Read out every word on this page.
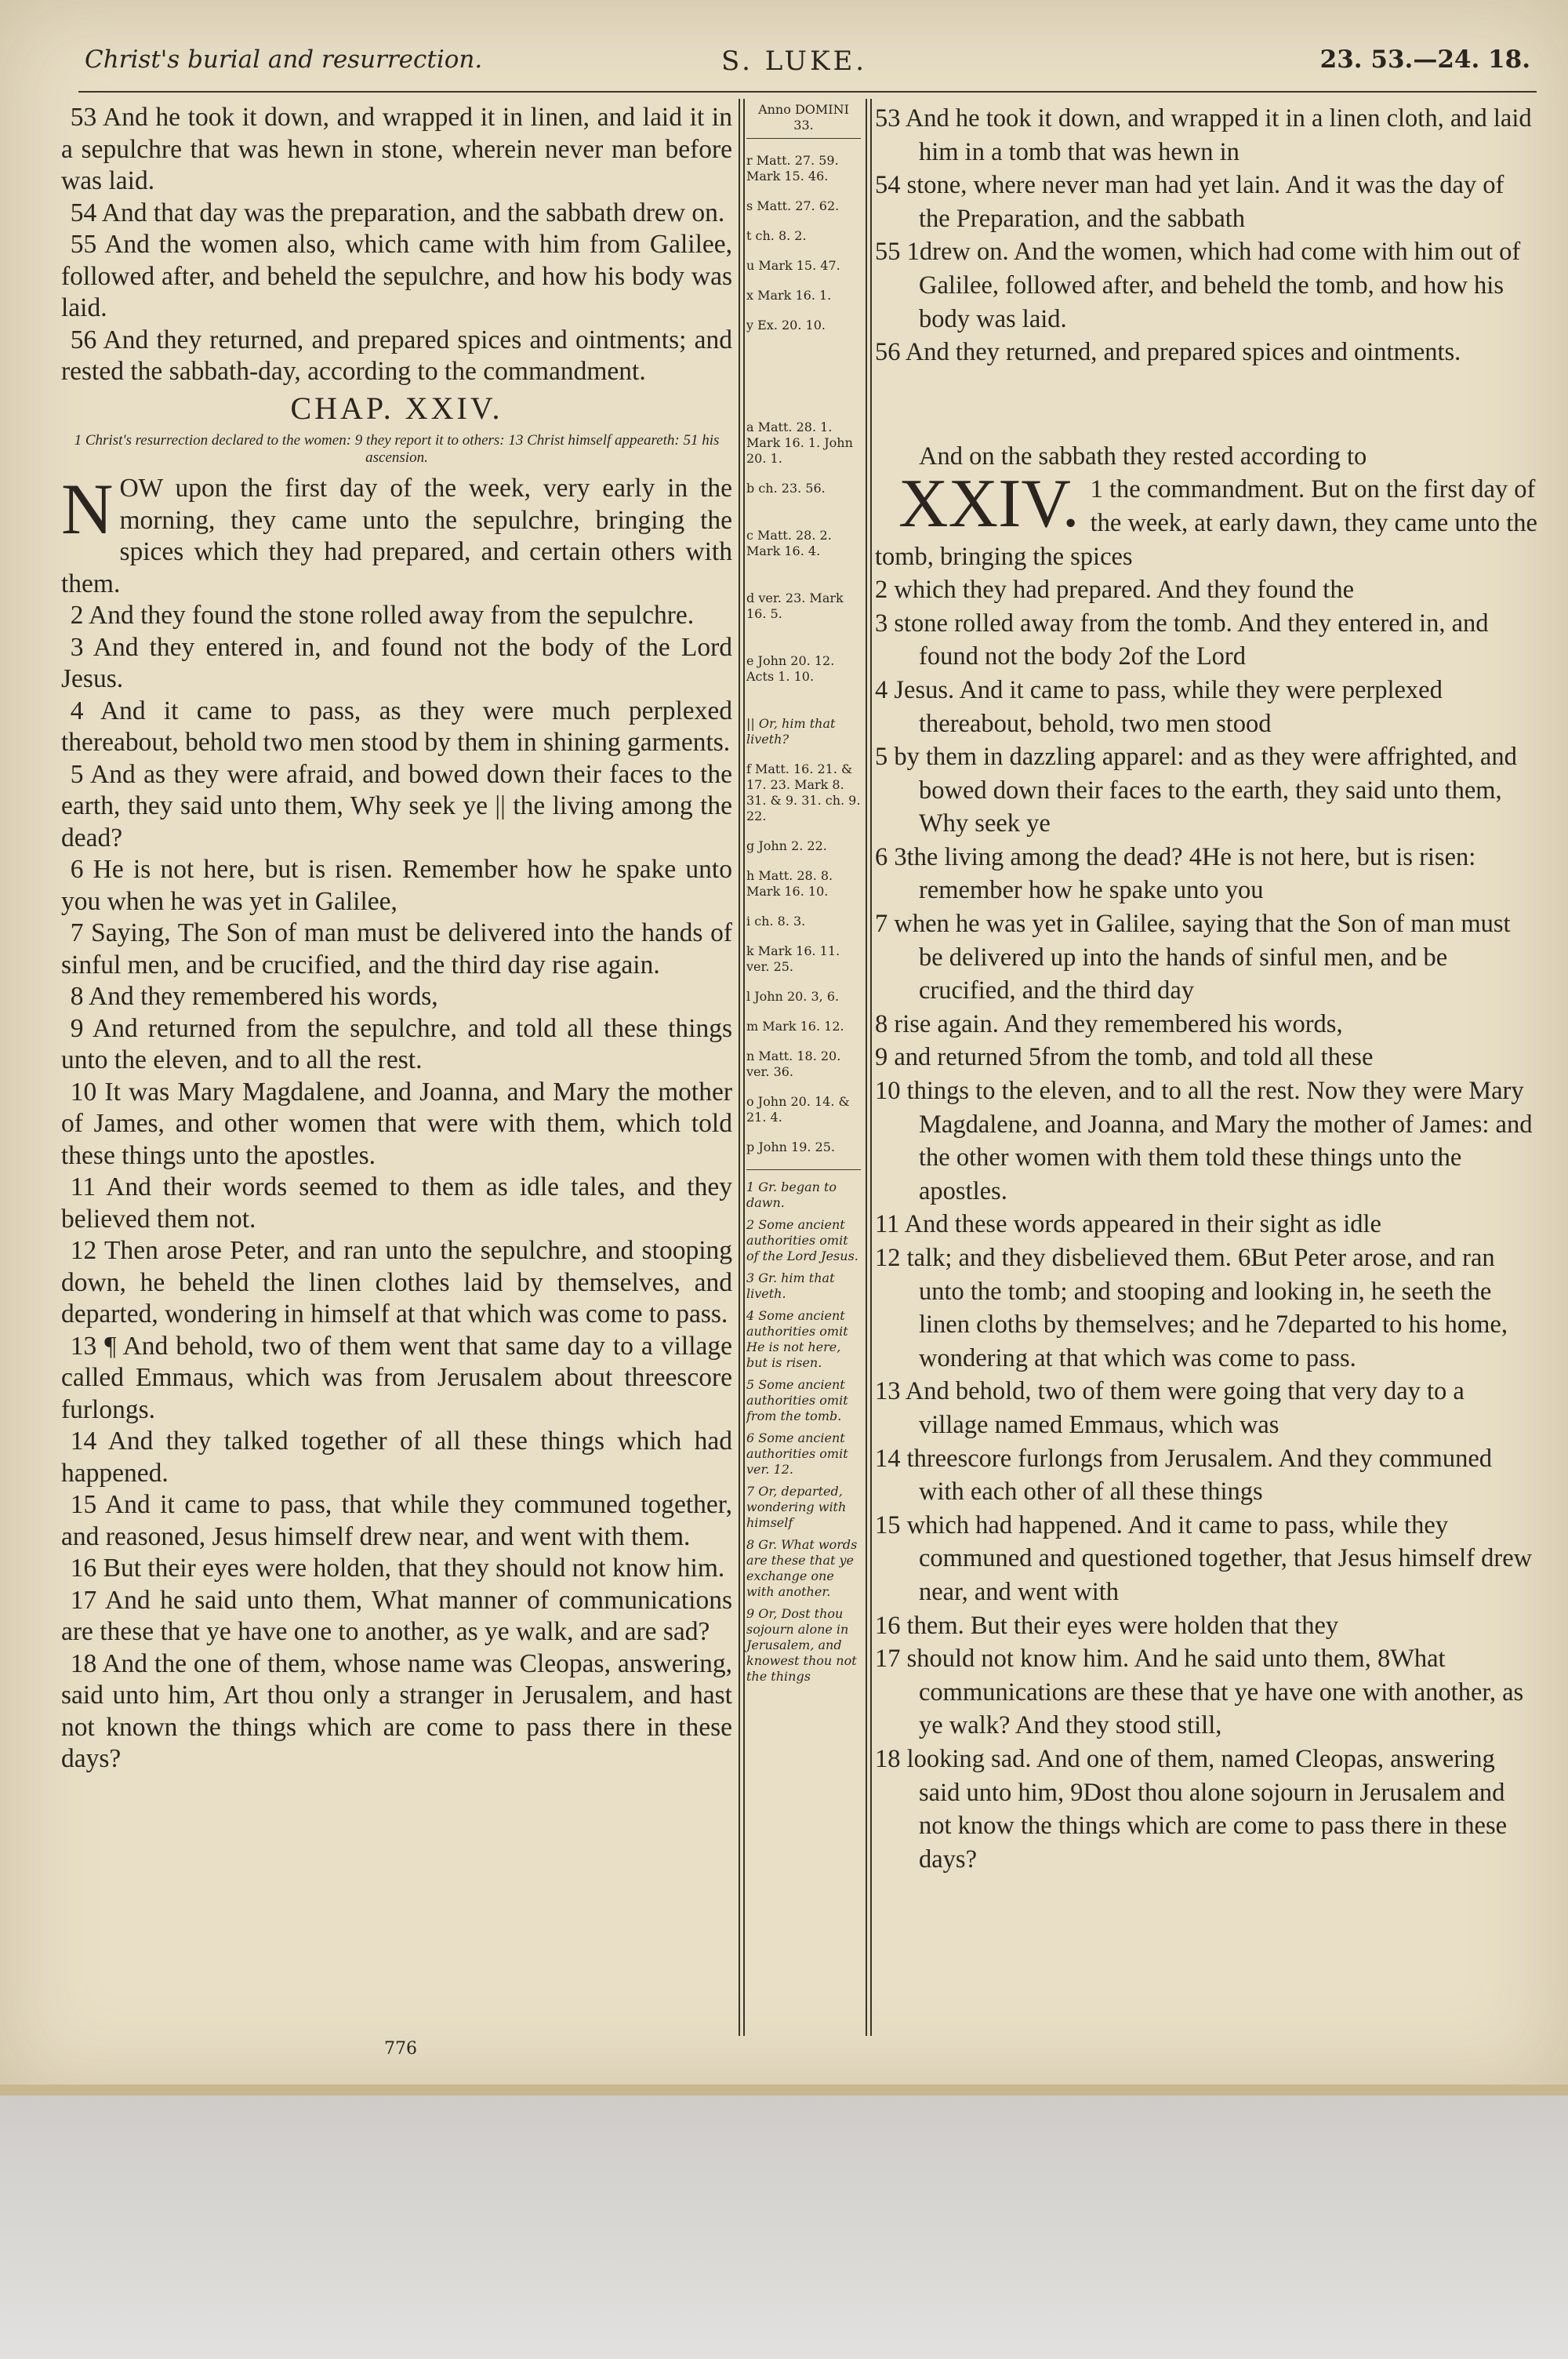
Christ's burial and resurrection.	S. LUKE.	23. 53.—24. 18.

53 And he took it down, and wrapped it in linen, and laid it in a sepulchre that was hewn in stone, wherein never man before was laid.

54 And that day was the preparation, and the sabbath drew on.

55 And the women also, which came with him from Galilee, followed after, and beheld the sepulchre, and how his body was laid.

56 And they returned, and prepared spices and ointments; and rested the sabbath-day, according to the commandment.

CHAP. XXIV.
1 Christ's resurrection declared to the women: 9 they report it to others: 13 Christ himself appeareth: 51 his ascension.

NOW upon the first day of the week, very early in the morning, they came unto the sepulchre, bringing the spices which they had prepared, and certain others with them.

2 And they found the stone rolled away from the sepulchre.

3 And they entered in, and found not the body of the Lord Jesus.

4 And it came to pass, as they were much perplexed thereabout, behold two men stood by them in shining garments.

5 And as they were afraid, and bowed down their faces to the earth, they said unto them, Why seek ye || the living among the dead?

6 He is not here, but is risen. Remember how he spake unto you when he was yet in Galilee,

7 Saying, The Son of man must be delivered into the hands of sinful men, and be crucified, and the third day rise again.

8 And they remembered his words,

9 And returned from the sepulchre, and told all these things unto the eleven, and to all the rest.

10 It was Mary Magdalene, and Joanna, and Mary the mother of James, and other women that were with them, which told these things unto the apostles.

11 And their words seemed to them as idle tales, and they believed them not.

12 Then arose Peter, and ran unto the sepulchre, and stooping down, he beheld the linen clothes laid by themselves, and departed, wondering in himself at that which was come to pass.

13 ¶ And behold, two of them went that same day to a village called Emmaus, which was from Jerusalem about threescore furlongs.

14 And they talked together of all these things which had happened.

15 And it came to pass, that while they communed together, and reasoned, Jesus himself drew near, and went with them.

16 But their eyes were holden, that they should not know him.

17 And he said unto them, What manner of communications are these that ye have one to another, as ye walk, and are sad?

18 And the one of them, whose name was Cleopas, answering, said unto him, Art thou only a stranger in Jerusalem, and hast not known the things which are come to pass there in these days?

Anno DOMINI 33.
r Matt. 27. 59. Mark 15. 46.
s Matt. 27. 62.
t ch. 8. 2.
u Mark 15. 47.
x Mark 16. 1.
y Ex. 20. 10.
a Matt. 28. 1. Mark 16. 1. John 20. 1.
b ch. 23. 56.
c Matt. 28. 2. Mark 16. 4.
d ver. 23. Mark 16. 5.
e John 20. 12. Acts 1. 10.
|| Or, him that liveth?
f Matt. 16. 21. & 17. 23. Mark 8. 31. & 9. 31. ch. 9. 22.
g John 2. 22.
h Matt. 28. 8. Mark 16. 10.
i ch. 8. 3.
k Mark 16. 11. ver. 25.
l John 20. 3, 6.
m Mark 16. 12.
n Matt. 18. 20. ver. 36.
o John 20. 14. & 21. 4.
p John 19. 25.
1 Gr. began to dawn.
2 Some ancient authorities omit of the Lord Jesus.
3 Gr. him that liveth.
4 Some ancient authorities omit He is not here, but is risen.
5 Some ancient authorities omit from the tomb.
6 Some ancient authorities omit ver. 12.
7 Or, departed, wondering with himself
8 Gr. What words are these that ye exchange one with another.
9 Or, Dost thou sojourn alone in Jerusalem, and knowest thou not the things
53 And he took it down, and wrapped it in a linen cloth, and laid him in a tomb that was hewn in
54 stone, where never man had yet lain. And it was the day of the Preparation, and the sabbath
55 1drew on. And the women, which had come with him out of Galilee, followed after, and beheld the tomb, and how his body was laid.
56 And they returned, and prepared spices and ointments.
And on the sabbath they rested according to
XXIV. 1 the commandment. But on the first day of the week, at early dawn, they came unto the tomb, bringing the spices
2 which they had prepared. And they found the
3 stone rolled away from the tomb. And they entered in, and found not the body 2of the Lord
4 Jesus. And it came to pass, while they were perplexed thereabout, behold, two men stood
5 by them in dazzling apparel: and as they were affrighted, and bowed down their faces to the earth, they said unto them, Why seek ye
6 3the living among the dead? 4He is not here, but is risen: remember how he spake unto you
7 when he was yet in Galilee, saying that the Son of man must be delivered up into the hands of sinful men, and be crucified, and the third day
8 rise again. And they remembered his words,
9 and returned 5from the tomb, and told all these
10 things to the eleven, and to all the rest. Now they were Mary Magdalene, and Joanna, and Mary the mother of James: and the other women with them told these things unto the apostles.
11 And these words appeared in their sight as idle
12 talk; and they disbelieved them. 6But Peter arose, and ran unto the tomb; and stooping and looking in, he seeth the linen cloths by themselves; and he 7departed to his home, wondering at that which was come to pass.
13 And behold, two of them were going that very day to a village named Emmaus, which was
14 threescore furlongs from Jerusalem. And they communed with each other of all these things
15 which had happened. And it came to pass, while they communed and questioned together, that Jesus himself drew near, and went with
16 them. But their eyes were holden that they
17 should not know him. And he said unto them, 8What communications are these that ye have one with another, as ye walk? And they stood still,
18 looking sad. And one of them, named Cleopas, answering said unto him, 9Dost thou alone sojourn in Jerusalem and not know the things which are come to pass there in these days?
776
